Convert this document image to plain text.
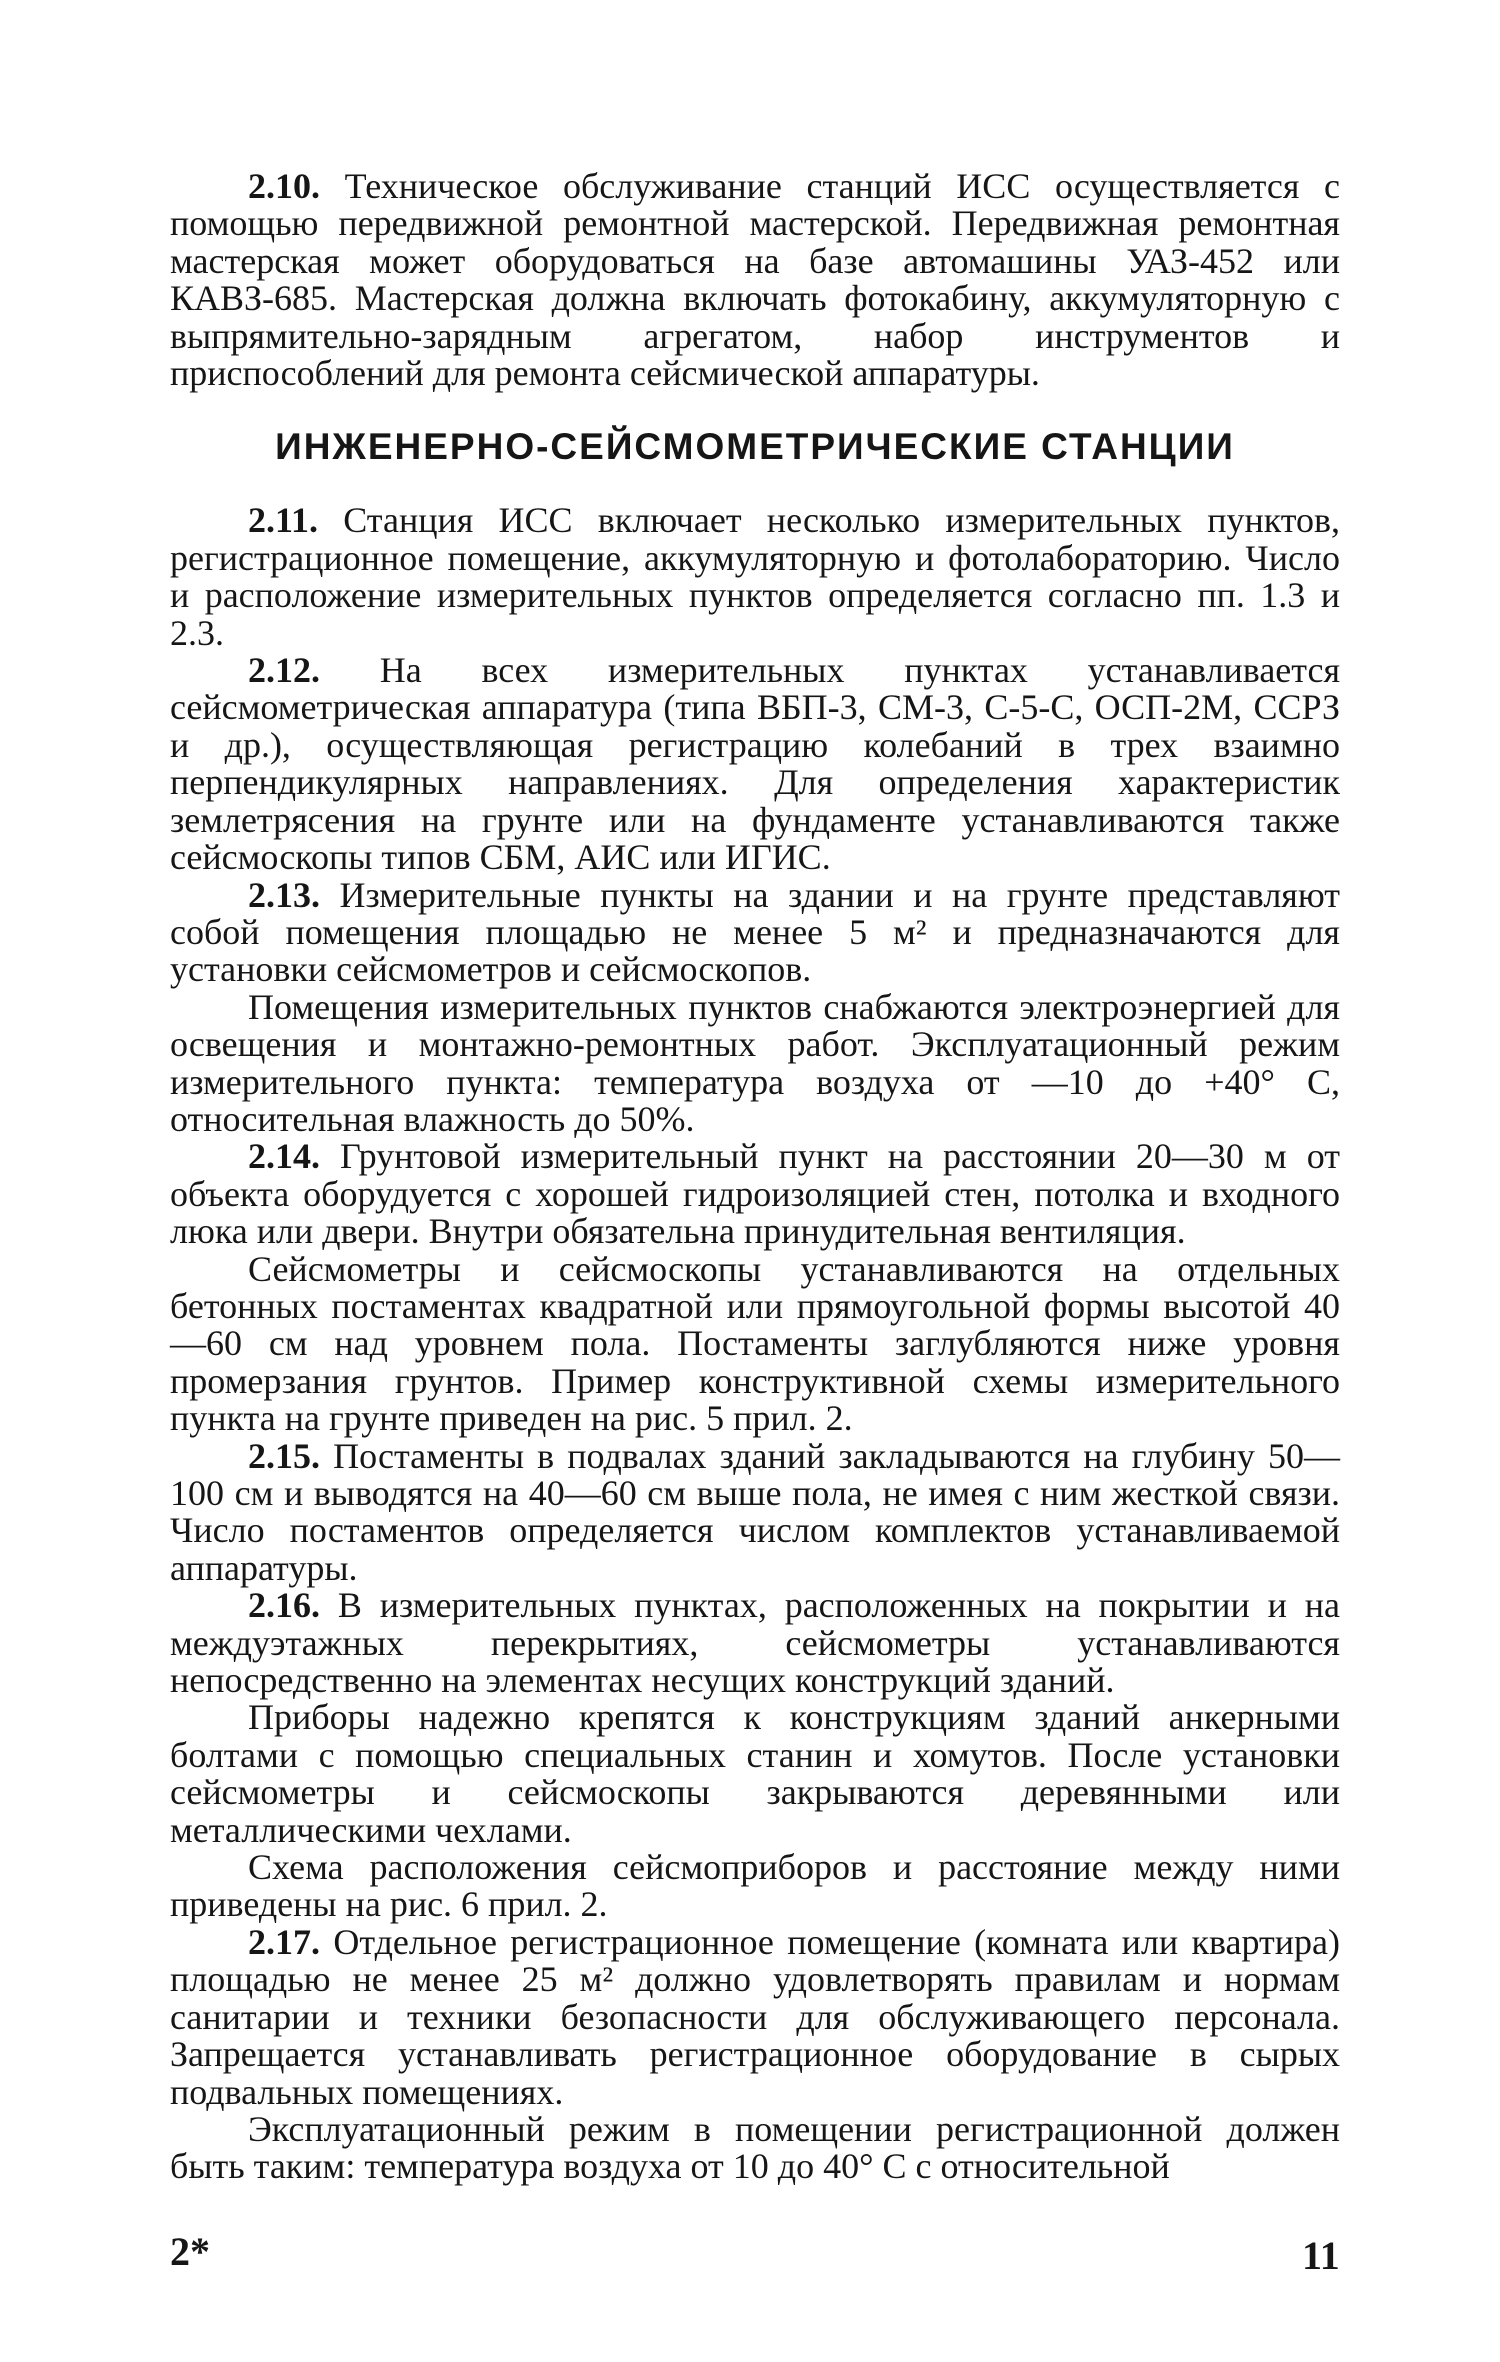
2.10. Техническое обслуживание станций ИСС осуществляется с помощью передвижной ремонтной мастерской. Передвижная ремонтная мастерская может оборудоваться на базе автомашины УАЗ-452 или КАВЗ-685. Мастерская должна включать фотокабину, аккумуляторную с выпрямительно-зарядным агрегатом, набор инструментов и приспособлений для ремонта сейсмической аппаратуры.

ИНЖЕНЕРНО-СЕЙСМОМЕТРИЧЕСКИЕ СТАНЦИИ

2.11. Станция ИСС включает несколько измерительных пунктов, регистрационное помещение, аккумуляторную и фотолабораторию. Число и расположение измерительных пунктов определяется согласно пп. 1.3 и 2.3.

2.12. На всех измерительных пунктах устанавливается сейсмометрическая аппаратура (типа ВБП-3, СМ-3, С-5-С, ОСП-2М, ССРЗ и др.), осуществляющая регистрацию колебаний в трех взаимно перпендикулярных направлениях. Для определения характеристик землетрясения на грунте или на фундаменте устанавливаются также сейсмоскопы типов СБМ, АИС или ИГИС.

2.13. Измерительные пункты на здании и на грунте представляют собой помещения площадью не менее 5 м² и предназначаются для установки сейсмометров и сейсмоскопов.

Помещения измерительных пунктов снабжаются электроэнергией для освещения и монтажно-ремонтных работ. Эксплуатационный режим измерительного пункта: температура воздуха от —10 до +40° С, относительная влажность до 50%.

2.14. Грунтовой измерительный пункт на расстоянии 20—30 м от объекта оборудуется с хорошей гидроизоляцией стен, потолка и входного люка или двери. Внутри обязательна принудительная вентиляция.

Сейсмометры и сейсмоскопы устанавливаются на отдельных бетонных постаментах квадратной или прямоугольной формы высотой 40—60 см над уровнем пола. Постаменты заглубляются ниже уровня промерзания грунтов. Пример конструктивной схемы измерительного пункта на грунте приведен на рис. 5 прил. 2.

2.15. Постаменты в подвалах зданий закладываются на глубину 50—100 см и выводятся на 40—60 см выше пола, не имея с ним жесткой связи. Число постаментов определяется числом комплектов устанавливаемой аппаратуры.

2.16. В измерительных пунктах, расположенных на покрытии и на междуэтажных перекрытиях, сейсмометры устанавливаются непосредственно на элементах несущих конструкций зданий.

Приборы надежно крепятся к конструкциям зданий анкерными болтами с помощью специальных станин и хомутов. После установки сейсмометры и сейсмоскопы закрываются деревянными или металлическими чехлами.

Схема расположения сейсмоприборов и расстояние между ними приведены на рис. 6 прил. 2.

2.17. Отдельное регистрационное помещение (комната или квартира) площадью не менее 25 м² должно удовлетворять правилам и нормам санитарии и техники безопасности для обслуживающего персонала. Запрещается устанавливать регистрационное оборудование в сырых подвальных помещениях.

Эксплуатационный режим в помещении регистрационной должен быть таким: температура воздуха от 10 до 40° С с относительной

2*	11
